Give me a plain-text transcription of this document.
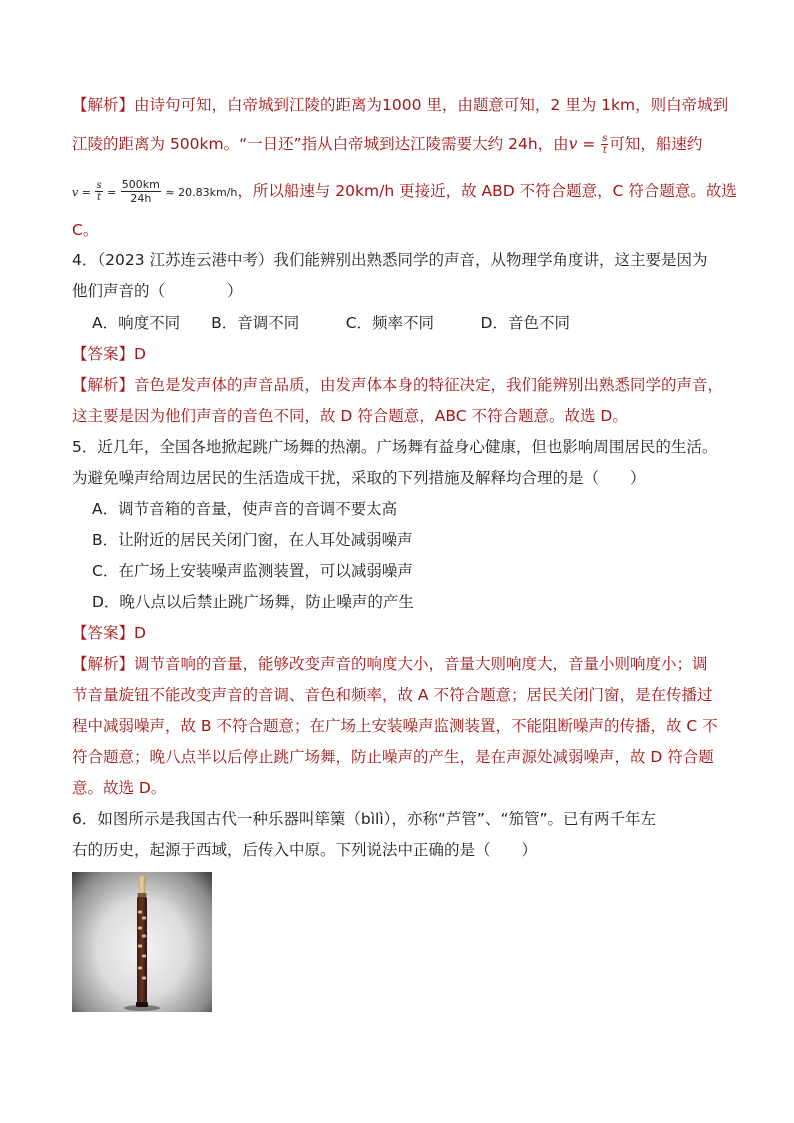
【解析】由诗句可知，白帝城到江陵的距离为1000 里，由题意可知，2 里为 1km，则白帝城到
江陵的距离为 500km。“一日还”指从白帝城到达江陵需要大约 24h，由$v = \frac{s}{t}$ 可知，船速约
$v = \frac{s}{t} = \frac{500km}{24h} \approx 20.83km/h$，所以船速与 20km/h 更接近，故 ABD 不符合题意，C 符合题意。故选
C。
4．（2023 江苏连云港中考）我们能辨别出熟悉同学的声音，从物理学角度讲，这主要是因为
他们声音的（　　　　）
A．响度不同　　B．音调不同　　　C．频率不同　　　D．音色不同
【答案】D
【解析】音色是发声体的声音品质，由发声体本身的特征决定，我们能辨别出熟悉同学的声音，
这主要是因为他们声音的音色不同，故 D 符合题意，ABC 不符合题意。故选 D。
5．近几年，全国各地掀起跳广场舞的热潮。广场舞有益身心健康，但也影响周围居民的生活。
为避免噪声给周边居民的生活造成干扰，采取的下列措施及解释均合理的是（　　）
A．调节音箱的音量，使声音的音调不要太高
B．让附近的居民关闭门窗，在人耳处减弱噪声
C．在广场上安装噪声监测装置，可以减弱噪声
D．晚八点以后禁止跳广场舞，防止噪声的产生
【答案】D
【解析】调节音响的音量，能够改变声音的响度大小，音量大则响度大，音量小则响度小；调
节音量旋钮不能改变声音的音调、音色和频率，故 A 不符合题意；居民关闭门窗，是在传播过
程中减弱噪声，故 B 不符合题意；在广场上安装噪声监测装置，不能阻断噪声的传播，故 C 不
符合题意；晚八点半以后停止跳广场舞，防止噪声的产生，是在声源处减弱噪声，故 D 符合题
意。故选 D。
6．如图所示是我国古代一种乐器叫筚篥（bìlì），亦称“芦管”、“笳管”。已有两千年左
右的历史，起源于西域，后传入中原。下列说法中正确的是（　　）
